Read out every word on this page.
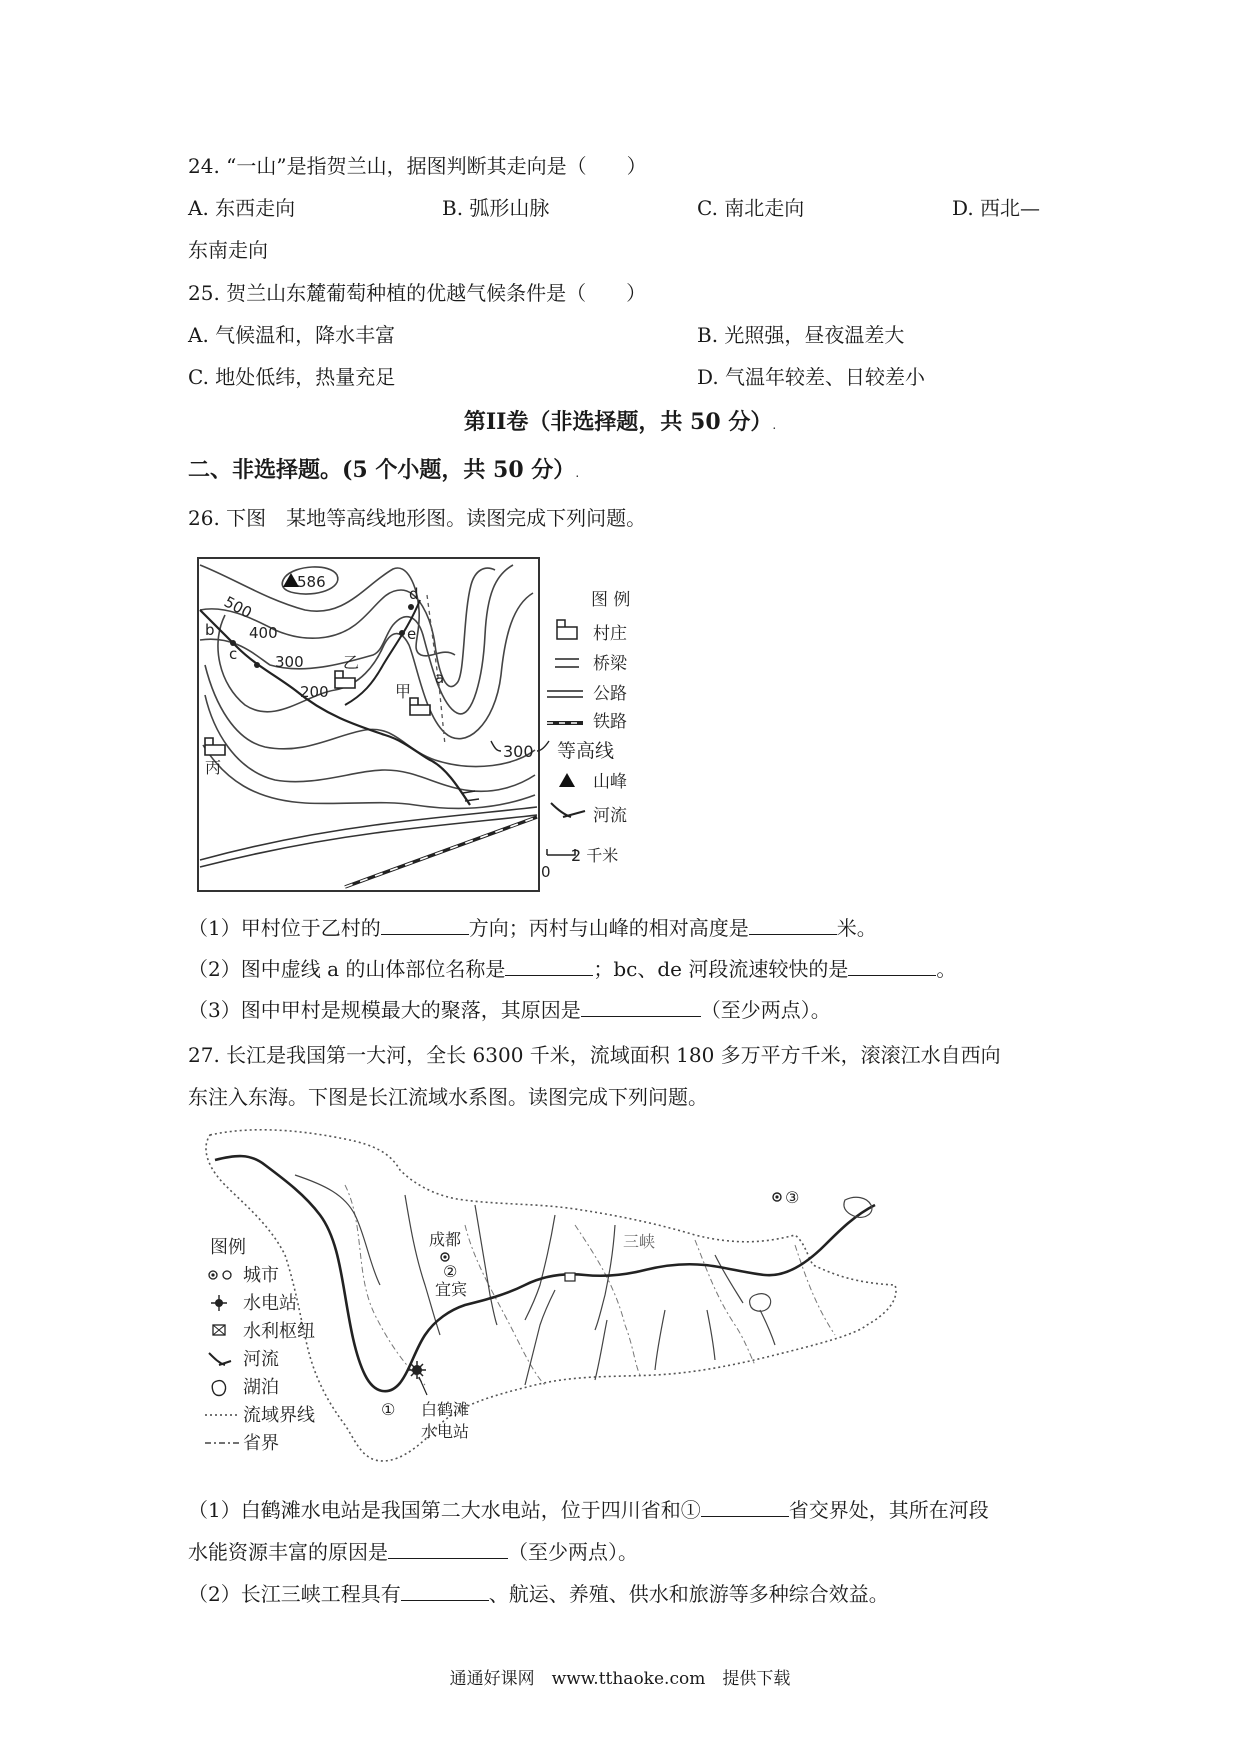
24. “一山”是指贺兰山，据图判断其走向是（　　）
A. 东西走向	B. 弧形山脉	C. 南北走向	D. 西北—
东南走向
25. 贺兰山东麓葡萄种植的优越气候条件是（　　）
A. 气候温和，降水丰富	B. 光照强，昼夜温差大
C. 地处低纬，热量充足	D. 气温年较差、日较差小
第II卷（非选择题，共 50 分）.
二、非选择题。(5 个小题，共 50 分）.
26. 下图　某地等高线地形图。读图完成下列问题。
586
500
400
300
200
b
c
d
e
a
乙
甲
丙
图 例
村庄
桥梁
公路
铁路
300 等高线
山峰
河流
0
2 千米
（1）甲村位于乙村的	方向；丙村与山峰的相对高度是	米。
（2）图中虚线 a 的山体部位名称是	；bc、de 河段流速较快的是	。
（3）图中甲村是规模最大的聚落，其原因是	（至少两点）。
27. 长江是我国第一大河，全长 6300 千米，流域面积 180 多万平方千米，滚滚江水自西向
东注入东海。下图是长江流域水系图。读图完成下列问题。
图例
城市
水电站
水利枢纽
河流
湖泊
流域界线
省界
成都
②
宜宾
三峡
③
① 白鹤滩
水电站
（1）白鹤滩水电站是我国第二大水电站，位于四川省和①	省交界处，其所在河段
水能资源丰富的原因是	（至少两点）。
（2）长江三峡工程具有	、航运、养殖、供水和旅游等多种综合效益。
通通好课网　www.tthaoke.com　提供下载
